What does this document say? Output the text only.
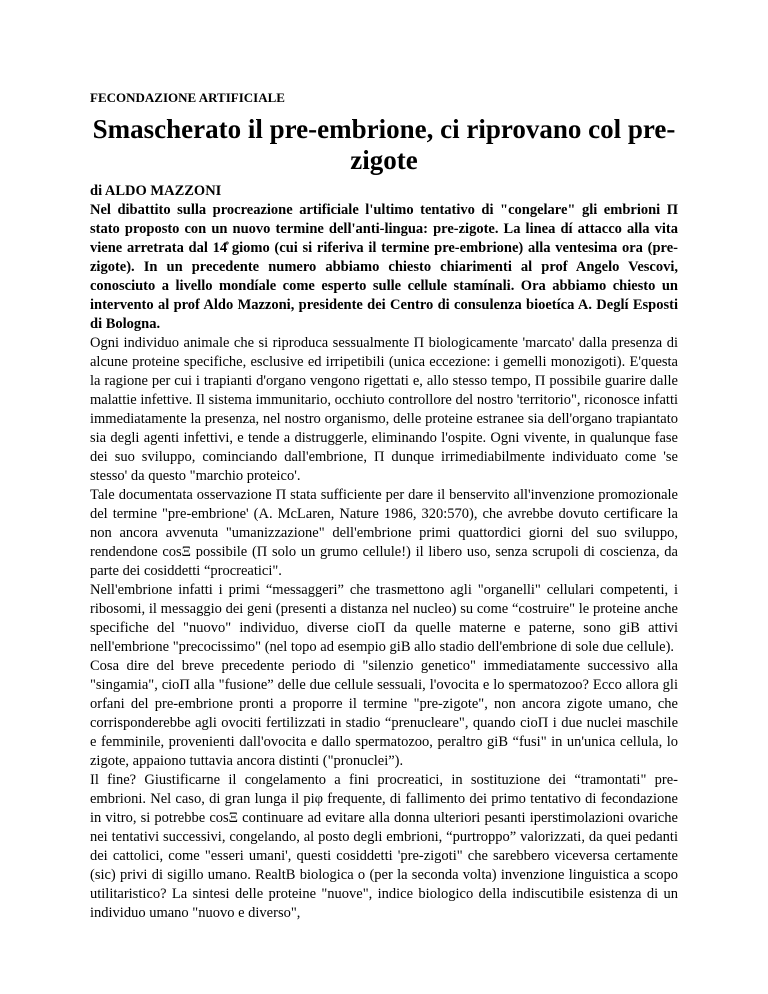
FECONDAZIONE ARTIFICIALE

Smascherato il pre-embrione, ci riprovano col pre-zigote

di ALDO MAZZONI

Nel dibattito sulla procreazione artificiale l'ultimo tentativo di "congelare" gli embrioni Π stato proposto con un nuovo termine dell'anti-lingua: pre-zigote. La linea dí attacco alla vita viene arretrata dal 14̊ giomo (cui si riferiva il termine pre-embrione) alla ventesima ora (pre-zigote). In un precedente numero abbiamo chiesto chiarimenti al prof Angelo Vescovi, conosciuto a livello mondíale come esperto sulle cellule stamínali. Ora abbiamo chiesto un intervento al prof Aldo Mazzoni, presidente dei Centro di consulenza bioetíca A. Deglí Esposti di Bologna.

Ogni individuo animale che si riproduca sessualmente Π biologicamente 'marcato' dalla presenza di alcune proteine specifiche, esclusive ed irripetibili (unica eccezione: i gemelli monozigoti). E'questa la ragione per cui i trapianti d'organo vengono rigettati e, allo stesso tempo, Π possibile guarire dalle malattie infettive. Il sistema immunitario, occhiuto controllore del nostro 'territorio", riconosce infatti immediatamente la presenza, nel nostro organismo, delle proteine estranee sia dell'organo trapiantato sia degli agenti infettivi, e tende a distruggerle, eliminando l'ospite. Ogni vivente, in qualunque fase dei suo sviluppo, cominciando dall'embrione, Π dunque irrimediabilmente individuato come 'se stesso' da questo "marchio proteico'.

Tale documentata osservazione Π stata sufficiente per dare il benservito all'invenzione promozionale del termine "pre-embrione' (A. McLaren, Nature 1986, 320:570), che avrebbe dovuto certificare la non ancora avvenuta "umanizzazione" dell'embrione primi quattordici giorni del suo sviluppo, rendendone cosΞ possibile (Π solo un grumo cellule!) il libero uso, senza scrupoli di coscienza, da parte dei cosiddetti “procreatici".

Nell'embrione infatti i primi “messaggeri” che trasmettono agli "organelli" cellulari competenti, i ribosomi, il messaggio dei geni (presenti a distanza nel nucleo) su come “costruire" le proteine anche specifiche del "nuovo" individuo, diverse cioΠ da quelle materne e paterne, sono giB attivi nell'embrione "precocissimo" (nel topo ad esempio giB allo stadio dell'embrione di sole due cellule).

Cosa dire del breve precedente periodo di "silenzio genetico" immediatamente successivo alla "singamia", cioΠ alla "fusione” delle due cellule sessuali, l'ovocita e lo spermatozoo? Ecco allora gli orfani del pre-embrione pronti a proporre il termine "pre-zigote", non ancora zigote umano, che corrisponderebbe agli ovociti fertilizzati in stadio “prenucleare", quando cioΠ i due nuclei maschile e femminile, provenienti dall'ovocita e dallo spermatozoo, peraltro giB “fusi" in un'unica cellula, lo zigote, appaiono tuttavia ancora distinti ("pronuclei”).

Il fine? Giustificarne il congelamento a fini procreatici, in sostituzione dei “tramontati" pre-embrioni. Nel caso, di gran lunga il piφ frequente, di fallimento dei primo tentativo di fecondazione in vitro, si potrebbe cosΞ continuare ad evitare alla donna ulteriori pesanti iperstimolazioni ovariche nei tentativi successivi, congelando, al posto degli embrioni, “purtroppo” valorizzati, da quei pedanti dei cattolici, come "esseri umani', questi cosiddetti 'pre-zigoti" che sarebbero viceversa certamente (sic) privi di sigillo umano. RealtB biologica o (per la seconda volta) invenzione linguistica a scopo utilitaristico? La sintesi delle proteine "nuove", indice biologico della indiscutibile esistenza di un individuo umano "nuovo e diverso",
